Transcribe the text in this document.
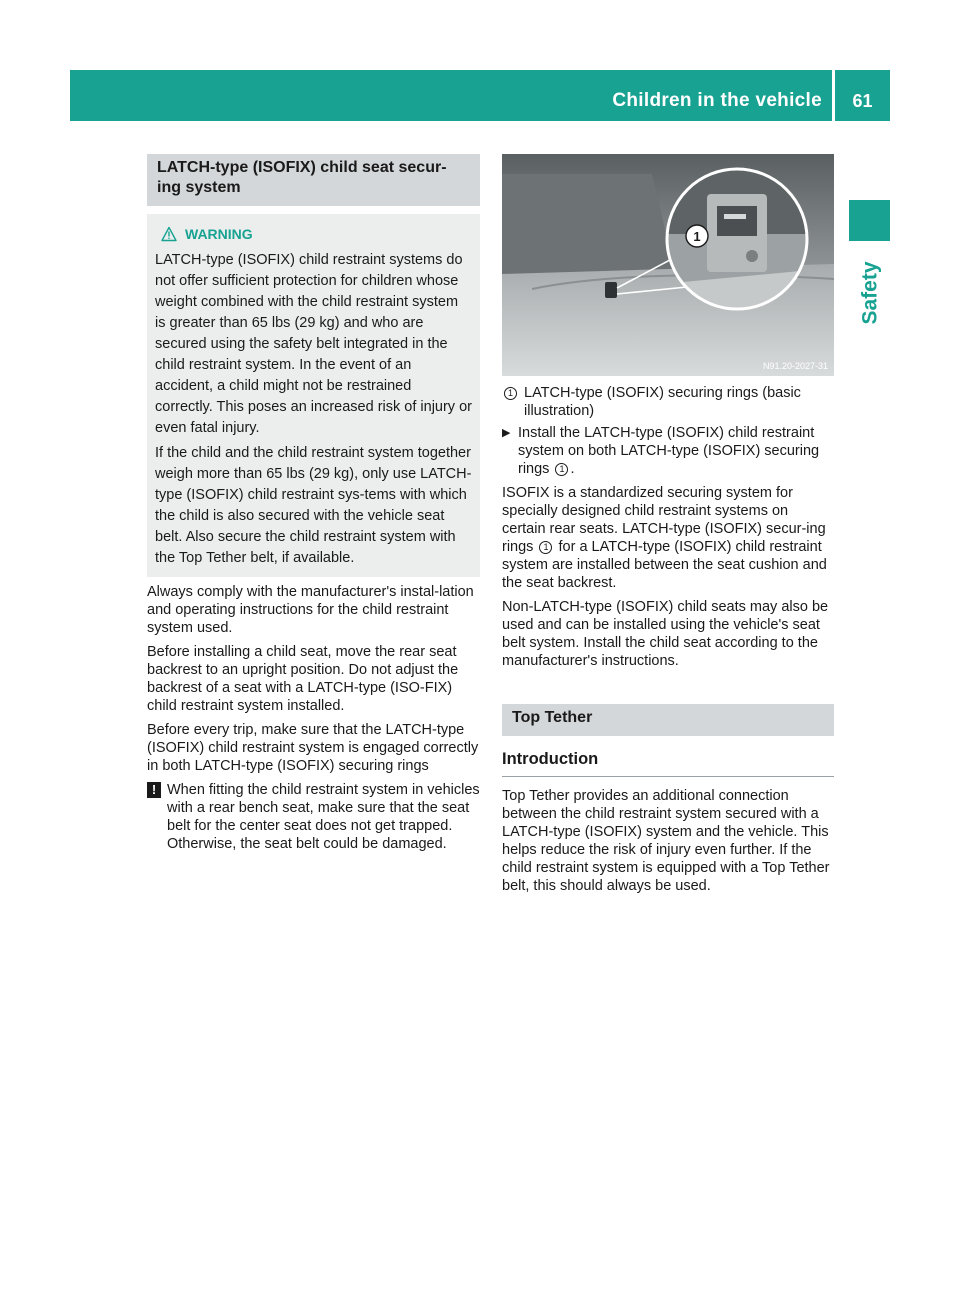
Children in the vehicle	61
Safety
LATCH-type (ISOFIX) child seat secur-ing system
WARNING

LATCH-type (ISOFIX) child restraint systems do not offer sufficient protection for children whose weight combined with the child restraint system is greater than 65 lbs (29 kg) and who are secured using the safety belt integrated in the child restraint system. In the event of an accident, a child might not be restrained correctly. This poses an increased risk of injury or even fatal injury.

If the child and the child restraint system together weigh more than 65 lbs (29 kg), only use LATCH-type (ISOFIX) child restraint sys-tems with which the child is also secured with the vehicle seat belt. Also secure the child restraint system with the Top Tether belt, if available.

Always comply with the manufacturer's instal-lation and operating instructions for the child restraint system used.

Before installing a child seat, move the rear seat backrest to an upright position. Do not adjust the backrest of a seat with a LATCH-type (ISO-FIX) child restraint system installed.

Before every trip, make sure that the LATCH-type (ISOFIX) child restraint system is engaged correctly in both LATCH-type (ISOFIX) securing rings

! When fitting the child restraint system in vehicles with a rear bench seat, make sure that the seat belt for the center seat does not get trapped. Otherwise, the seat belt could be damaged.
1
N91.20-2027-31
1 LATCH-type (ISOFIX) securing rings (basic illustration)
▶ Install the LATCH-type (ISOFIX) child restraint system on both LATCH-type (ISOFIX) securing rings 1 .

ISOFIX is a standardized securing system for specially designed child restraint systems on certain rear seats. LATCH-type (ISOFIX) secur-ing rings 1 for a LATCH-type (ISOFIX) child restraint system are installed between the seat cushion and the seat backrest.

Non-LATCH-type (ISOFIX) child seats may also be used and can be installed using the vehicle's seat belt system. Install the child seat according to the manufacturer's instructions.

Top Tether
Introduction

Top Tether provides an additional connection between the child restraint system secured with a LATCH-type (ISOFIX) system and the vehicle. This helps reduce the risk of injury even further. If the child restraint system is equipped with a Top Tether belt, this should always be used.
